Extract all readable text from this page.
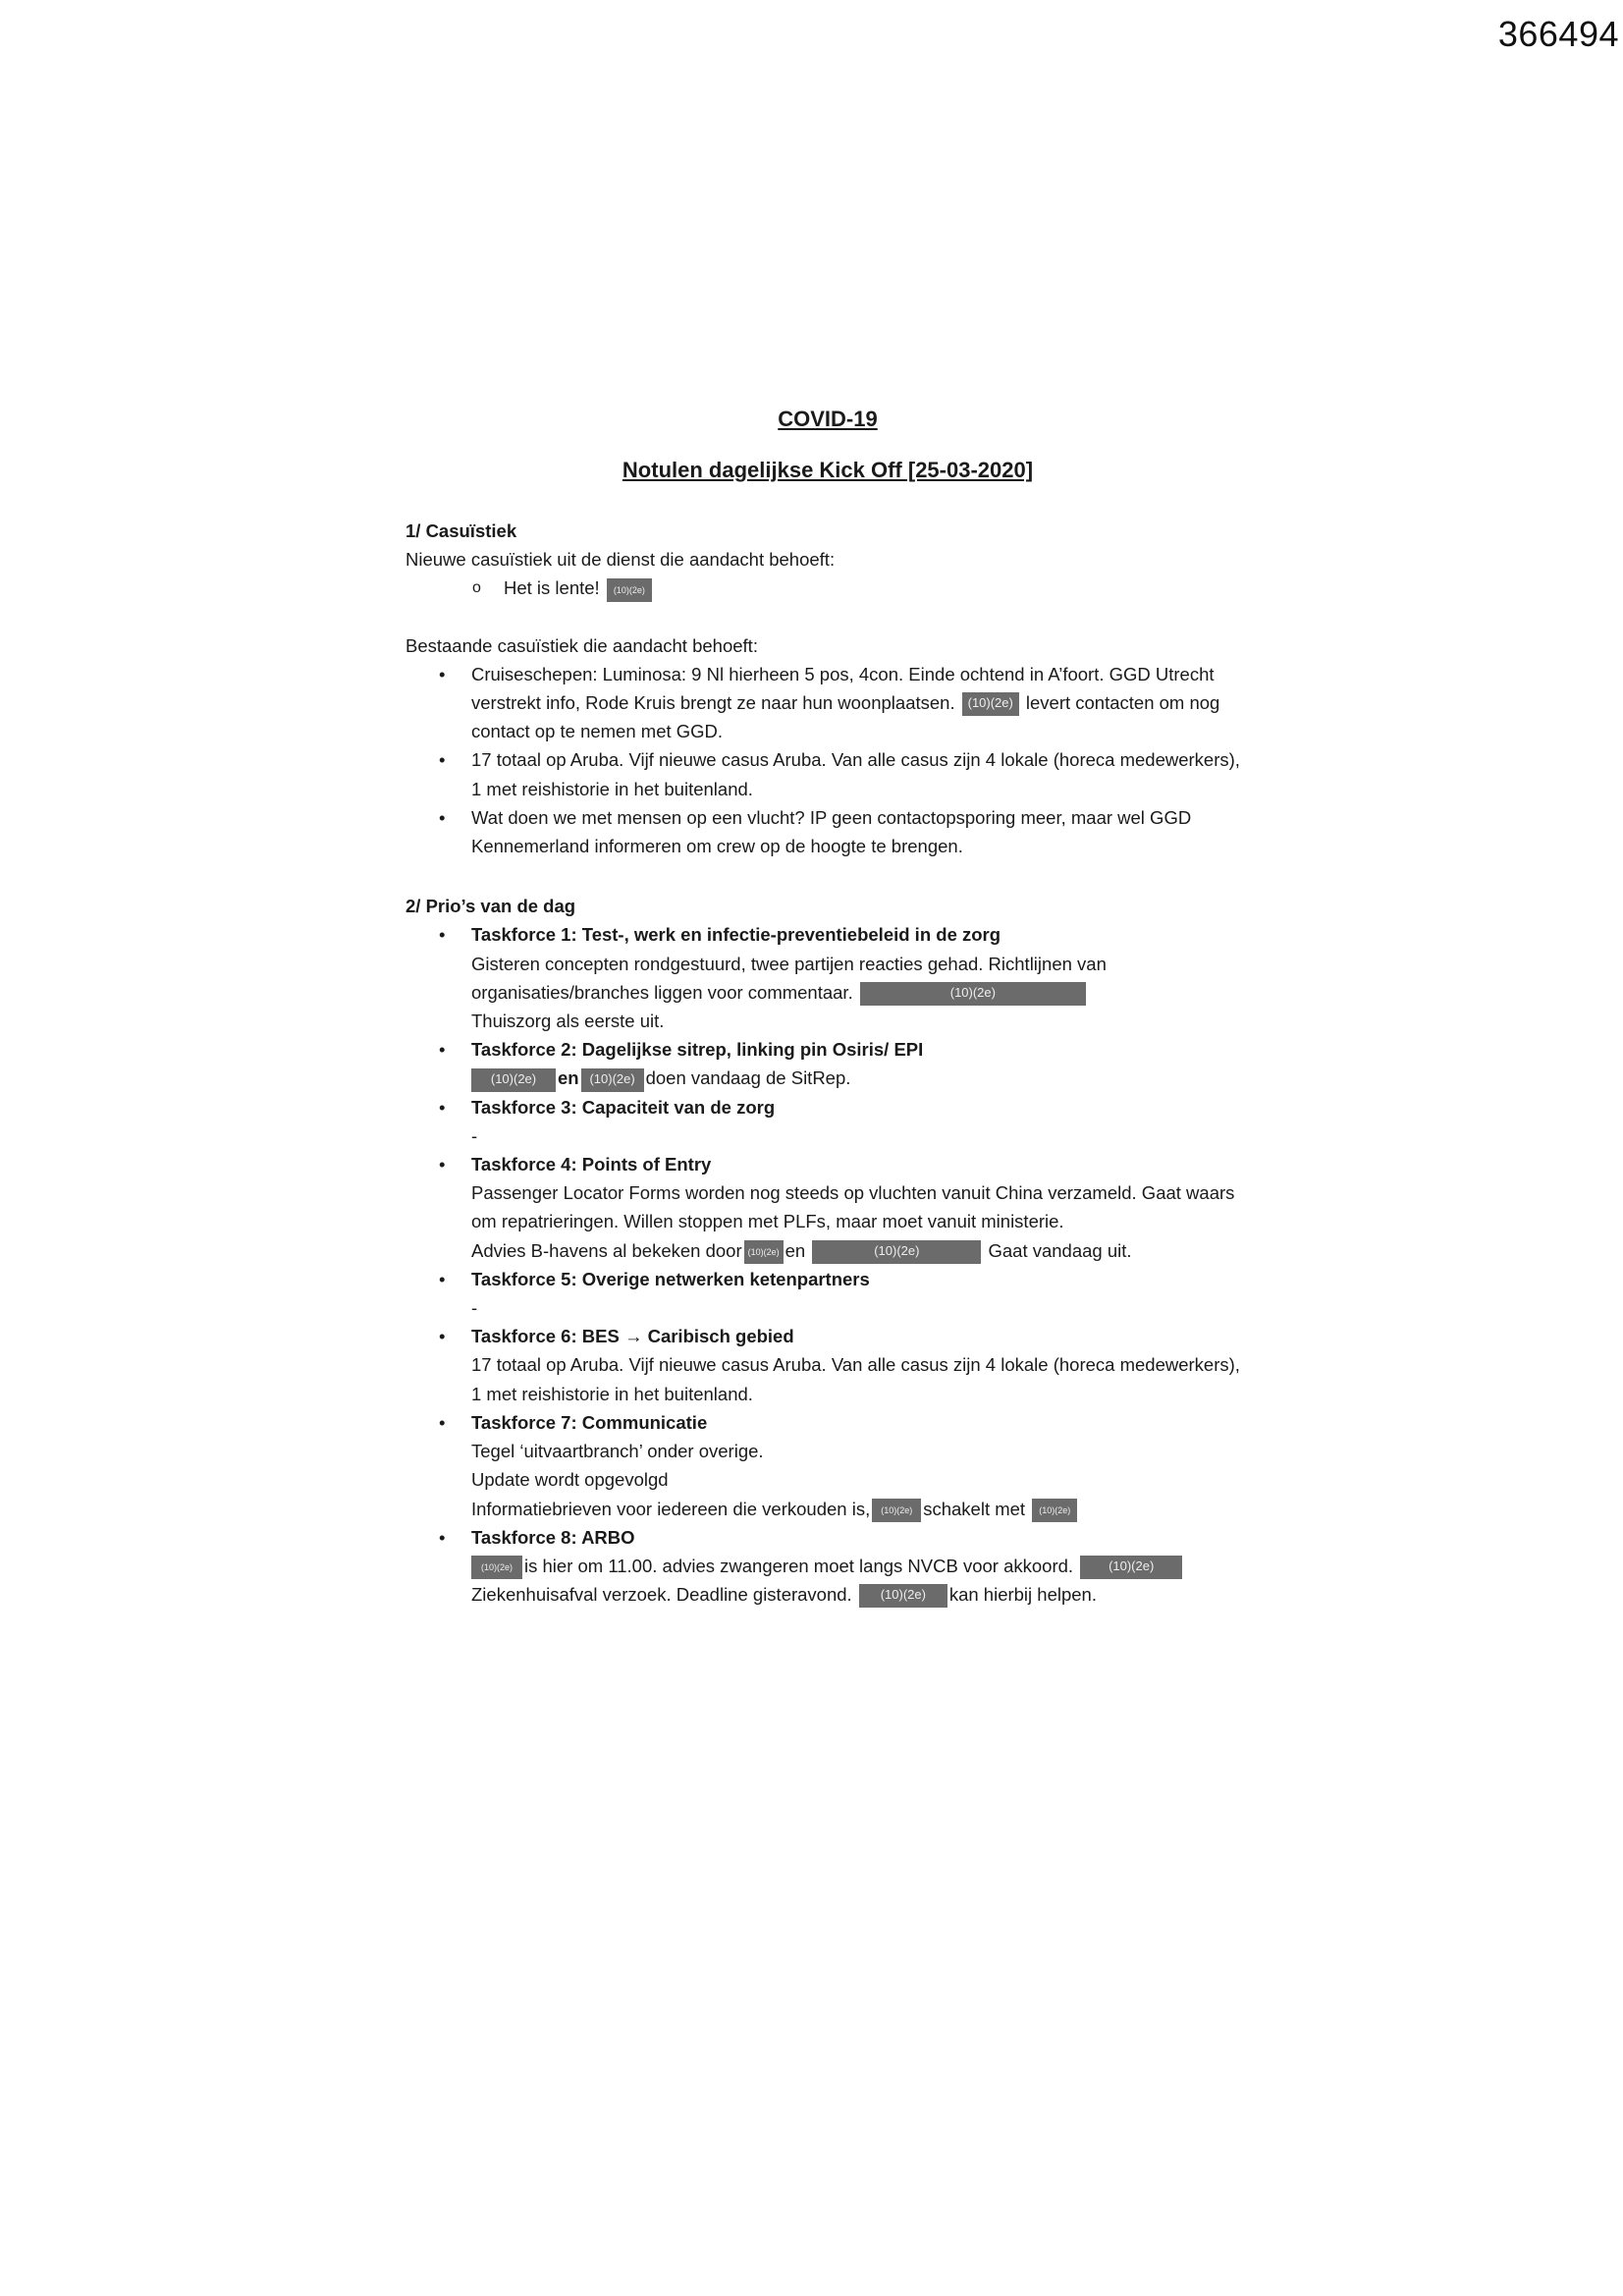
366494

COVID-19

Notulen dagelijkse Kick Off [25-03-2020]

1/ Casuïstiek
Nieuwe casuïstiek uit de dienst die aandacht behoeft:
o Het is lente! (10)(2e)
Bestaande casuïstiek die aandacht behoeft:
• Cruiseschepen: Luminosa: 9 Nl hierheen 5 pos, 4con. Einde ochtend in A’foort. GGD Utrecht verstrekt info, Rode Kruis brengt ze naar hun woonplaatsen. (10)(2e) levert contacten om nog contact op te nemen met GGD.
• 17 totaal op Aruba. Vijf nieuwe casus Aruba. Van alle casus zijn 4 lokale (horeca medewerkers), 1 met reishistorie in het buitenland.
• Wat doen we met mensen op een vlucht? IP geen contactopsporing meer, maar wel GGD Kennemerland informeren om crew op de hoogte te brengen.
2/ Prio’s van de dag
• Taskforce 1: Test-, werk en infectie-preventiebeleid in de zorg
Gisteren concepten rondgestuurd, twee partijen reacties gehad. Richtlijnen van organisaties/branches liggen voor commentaar.	(10)(2e)
Thuiszorg als eerste uit.
• Taskforce 2: Dagelijkse sitrep, linking pin Osiris/ EPI
(10)(2e) en (10)(2e) doen vandaag de SitRep.
• Taskforce 3: Capaciteit van de zorg
-
• Taskforce 4: Points of Entry
Passenger Locator Forms worden nog steeds op vluchten vanuit China verzameld. Gaat waars om repatrieringen. Willen stoppen met PLFs, maar moet vanuit ministerie.
Advies B-havens al bekeken door (10)(2e) en	(10)(2e)	Gaat vandaag uit.
• Taskforce 5: Overige netwerken ketenpartners
-
• Taskforce 6: BES → Caribisch gebied
17 totaal op Aruba. Vijf nieuwe casus Aruba. Van alle casus zijn 4 lokale (horeca medewerkers), 1 met reishistorie in het buitenland.
• Taskforce 7: Communicatie
Tegel ‘uitvaartbranch’ onder overige.
Update wordt opgevolgd
Informatiebrieven voor iedereen die verkouden is, (10)(2e) schakelt met (10)(2e)
• Taskforce 8: ARBO
(10)(2e) is hier om 11.00. advies zwangeren moet langs NVCB voor akkoord.	(10)(2e)
Ziekenhuisafval verzoek. Deadline gisteravond. (10)(2e) kan hierbij helpen.
